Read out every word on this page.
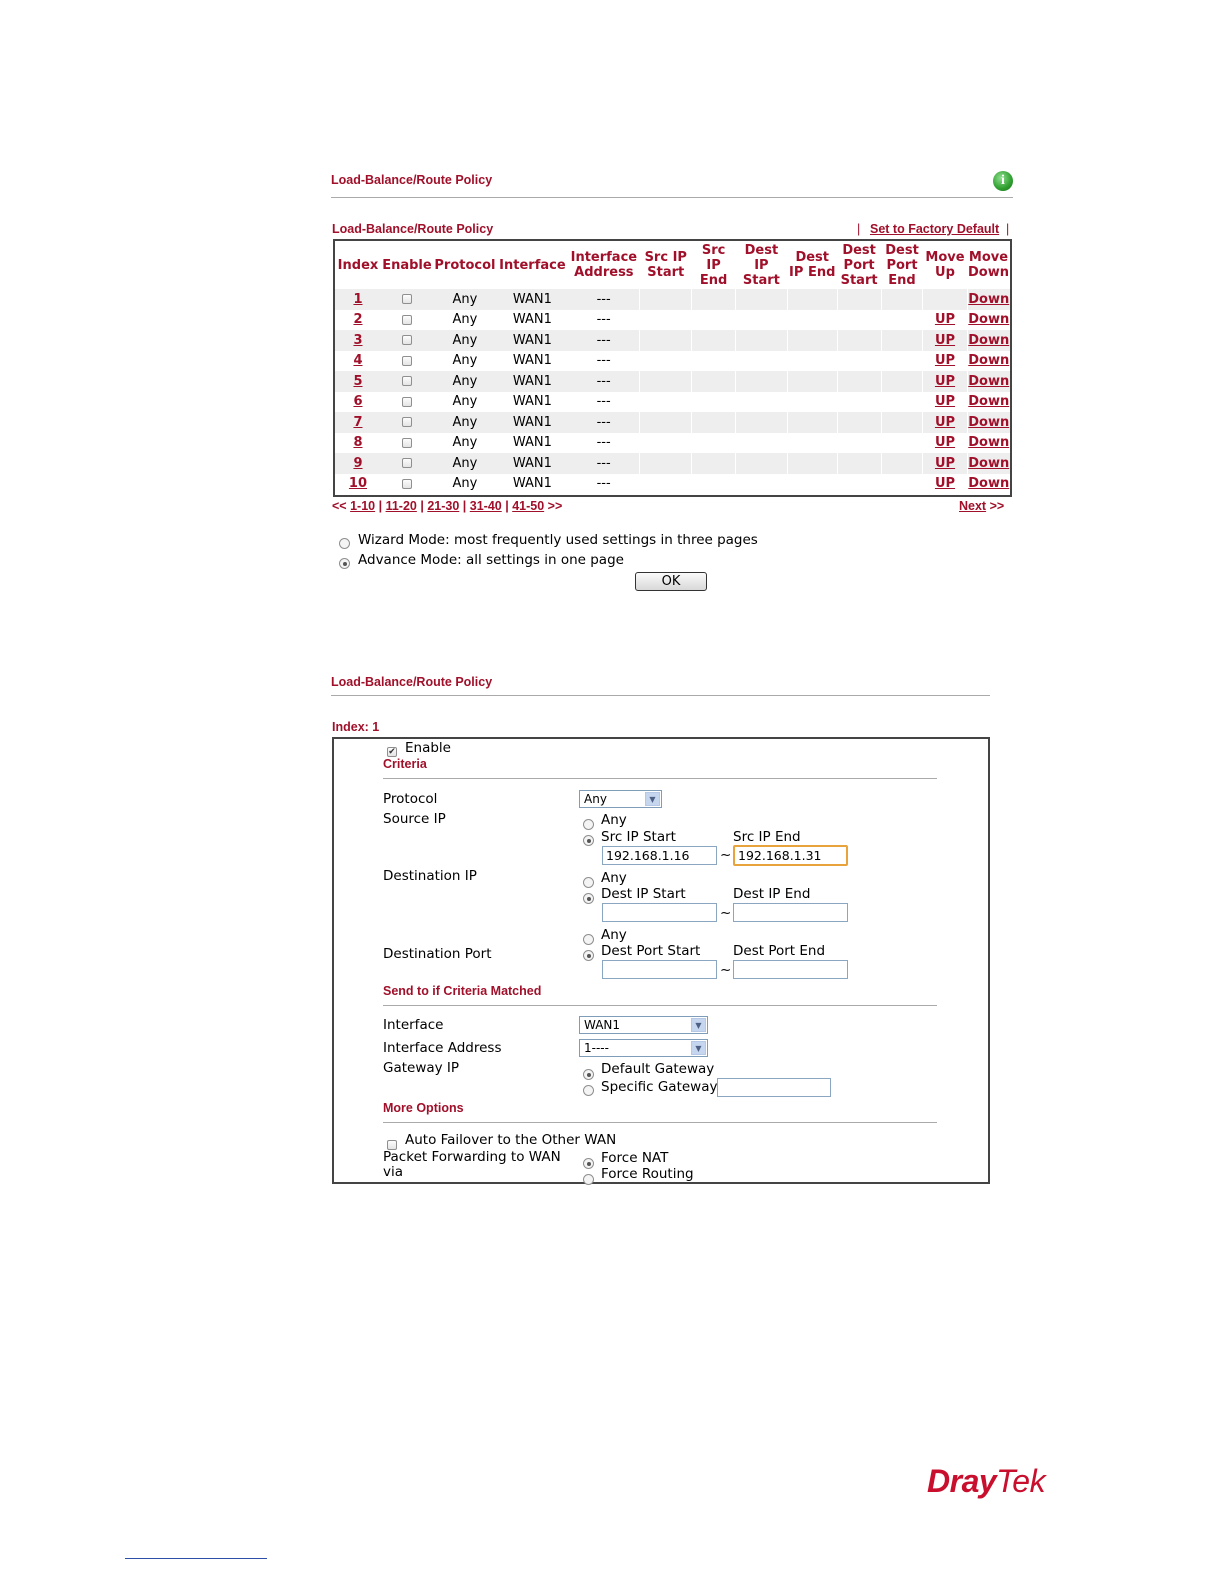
Load-Balance/Route Policy	i
Load-Balance/Route Policy	| Set to Factory Default |
Index	Enable	Protocol	Interface	Interface Address	Src IP Start	Src IP End	Dest IP Start	Dest IP End	Dest Port Start	Dest Port End	Move Up	Move Down
1		Any	WAN1	---								Down
2		Any	WAN1	---							UP	Down
3		Any	WAN1	---							UP	Down
4		Any	WAN1	---							UP	Down
5		Any	WAN1	---							UP	Down
6		Any	WAN1	---							UP	Down
7		Any	WAN1	---							UP	Down
8		Any	WAN1	---							UP	Down
9		Any	WAN1	---							UP	Down
10		Any	WAN1	---							UP	Down
<< 1-10 | 11-20 | 21-30 | 31-40 | 41-50 >>	Next >>
Wizard Mode: most frequently used settings in three pages
Advance Mode: all settings in one page
OK
Load-Balance/Route Policy
Index: 1
✔
Enable
Criteria
Protocol	Any	▼
Source IP	Any
Src IP Start	Src IP End
192.168.1.16	~ 192.168.1.31
Destination IP	Any
Dest IP Start	Dest IP End
~
Any
Destination Port	Dest Port Start Dest Port End
~
Send to if Criteria Matched
Interface	WAN1	▼
Interface Address	1----	▼
Gateway IP	Default Gateway
Specific Gateway
More Options
Auto Failover to the Other WAN
Packet Forwarding to WAN
via
Force NAT
Force Routing
DrayTek
